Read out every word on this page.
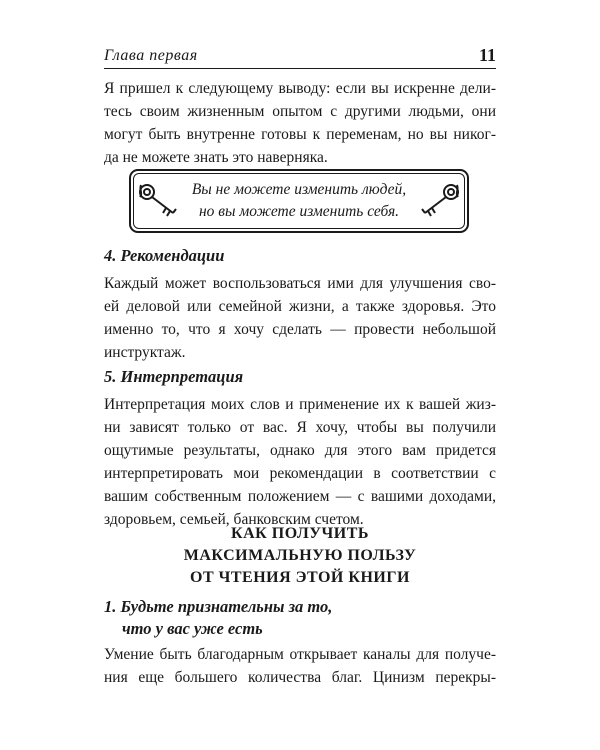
Глава первая	11

Я пришел к следующему выводу: если вы искренне дели-
тесь своим жизненным опытом с другими людьми, они
могут быть внутренне готовы к переменам, но вы никог-
да не можете знать это наверняка.

Вы не можете изменить людей,
но вы можете изменить себя.
4. Рекомендации

Каждый может воспользоваться ими для улучшения сво-
ей деловой или семейной жизни, а также здоровья. Это
именно то, что я хочу сделать — провести небольшой
инструктаж.

5. Интерпретация

Интерпретация моих слов и применение их к вашей жиз-
ни зависят только от вас. Я хочу, чтобы вы получили
ощутимые результаты, однако для этого вам придется
интерпретировать мои рекомендации в соответствии с
вашим собственным положением — с вашими доходами,
здоровьем, семьей, банковским счетом.

КАК ПОЛУЧИТЬ
МАКСИМАЛЬНУЮ ПОЛЬЗУ
ОТ ЧТЕНИЯ ЭТОЙ КНИГИ
1. Будьте признательны за то,
что у вас уже есть

Умение быть благодарным открывает каналы для получе-
ния еще большего количества благ. Цинизм перекры-
